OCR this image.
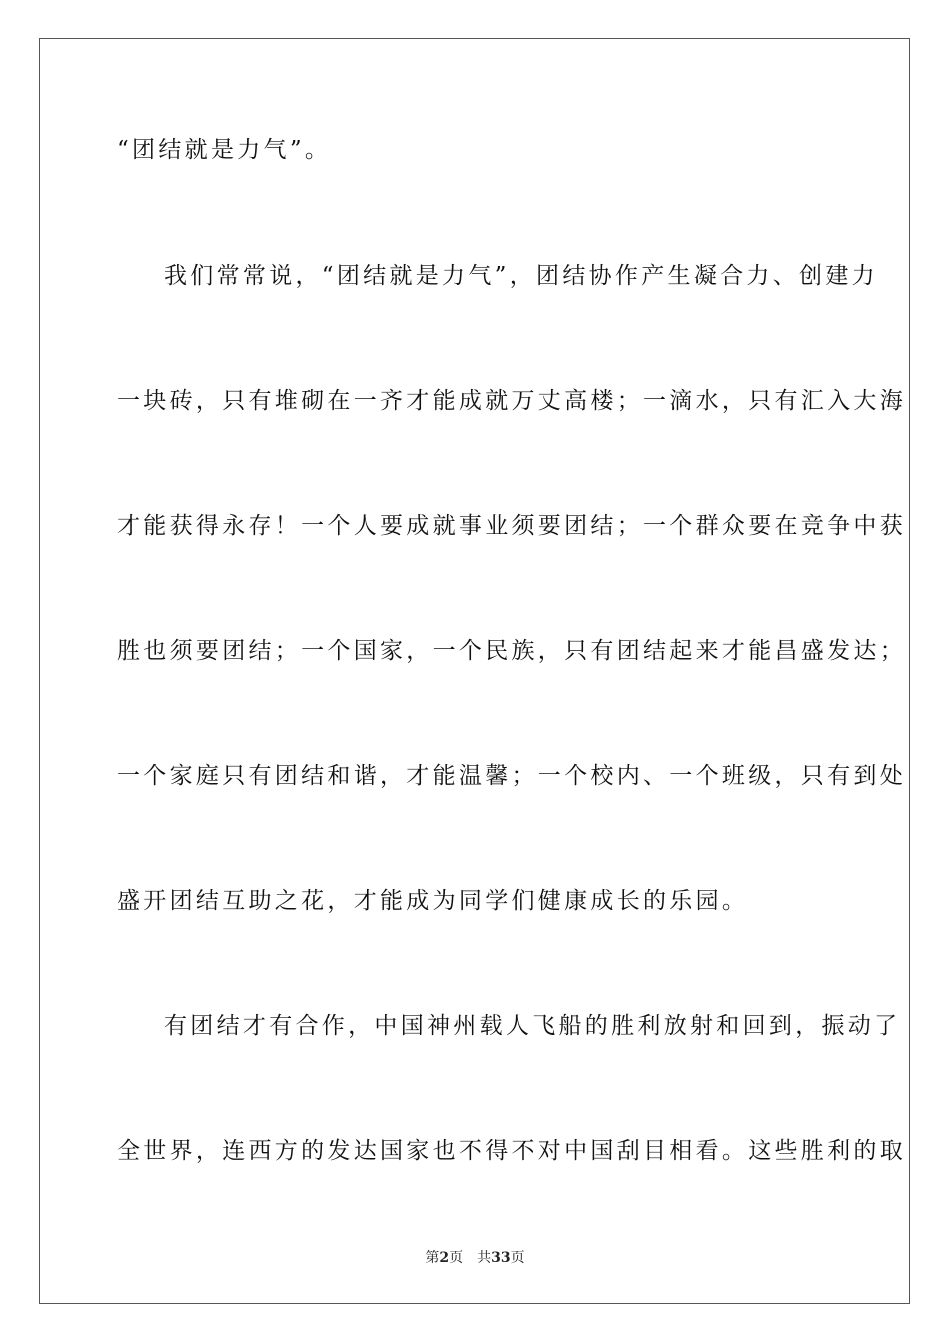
“团结就是力气”。
我们常常说，“团结就是力气”，团结协作产生凝合力、创建力
一块砖，只有堆砌在一齐才能成就万丈高楼；一滴水，只有汇入大海
才能获得永存！一个人要成就事业须要团结；一个群众要在竞争中获
胜也须要团结；一个国家，一个民族，只有团结起来才能昌盛发达；
一个家庭只有团结和谐，才能温馨；一个校内、一个班级，只有到处
盛开团结互助之花，才能成为同学们健康成长的乐园。
有团结才有合作，中国神州载人飞船的胜利放射和回到，振动了
全世界，连西方的发达国家也不得不对中国刮目相看。这些胜利的取
第2页 共33页
